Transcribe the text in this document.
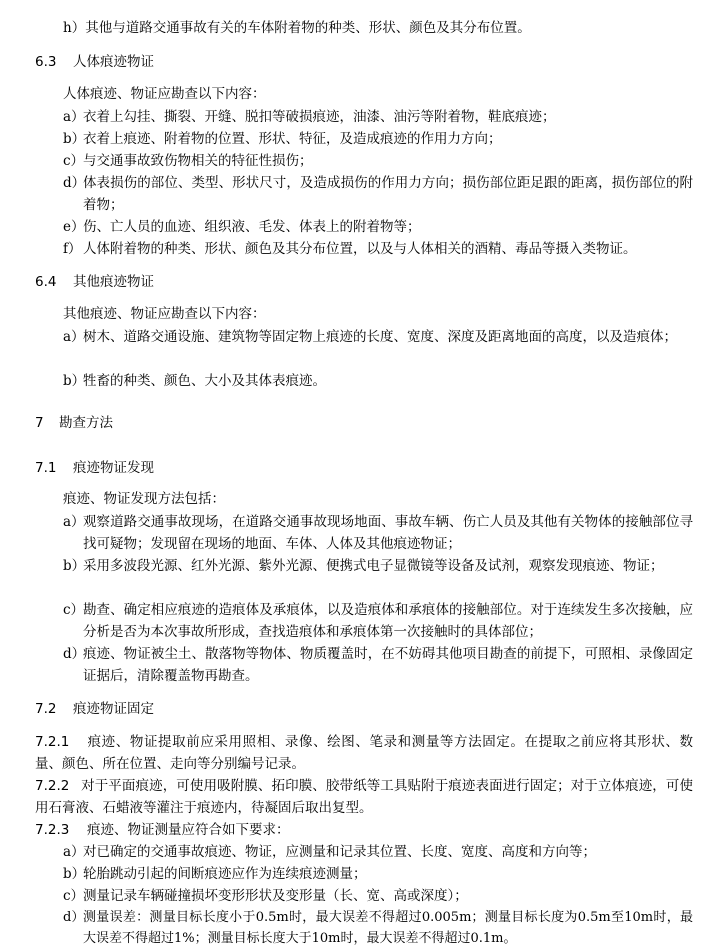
h）其他与道路交通事故有关的车体附着物的种类、形状、颜色及其分布位置。
6.3 人体痕迹物证
人体痕迹、物证应勘查以下内容：
a）
衣着上勾挂、撕裂、开缝、脱扣等破损痕迹，油漆、油污等附着物，鞋底痕迹；
b）
衣着上痕迹、附着物的位置、形状、特征，及造成痕迹的作用力方向；
c）
与交通事故致伤物相关的特征性损伤；
d）
体表损伤的部位、类型、形状尺寸，及造成损伤的作用力方向；损伤部位距足跟的距离，损伤部位的附着物；
e）
伤、亡人员的血迹、组织液、毛发、体表上的附着物等；
f） 人体附着物的种类、形状、颜色及其分布位置，以及与人体相关的酒精、毒品等摄入类物证。
6.4 其他痕迹物证
其他痕迹、物证应勘查以下内容：
a）
树木、道路交通设施、建筑物等固定物上痕迹的长度、宽度、深度及距离地面的高度，以及造痕体；
b）
牲畜的种类、颜色、大小及其体表痕迹。
7 勘查方法
7.1 痕迹物证发现
痕迹、物证发现方法包括：
a）
观察道路交通事故现场，在道路交通事故现场地面、事故车辆、伤亡人员及其他有关物体的接触部位寻找可疑物；发现留在现场的地面、车体、人体及其他痕迹物证；
b）
采用多波段光源、红外光源、紫外光源、便携式电子显微镜等设备及试剂，观察发现痕迹、物证；
c）
勘查、确定相应痕迹的造痕体及承痕体，以及造痕体和承痕体的接触部位。对于连续发生多次接触，应分析是否为本次事故所形成，查找造痕体和承痕体第一次接触时的具体部位；
d）
痕迹、物证被尘土、散落物等物体、物质覆盖时，在不妨碍其他项目勘查的前提下，可照相、录像固定证据后，清除覆盖物再勘查。
7.2 痕迹物证固定
7.2.1 痕迹、物证提取前应采用照相、录像、绘图、笔录和测量等方法固定。在提取之前应将其形状、数量、颜色、所在位置、走向等分别编号记录。
7.2.2 对于平面痕迹，可使用吸附膜、拓印膜、胶带纸等工具贴附于痕迹表面进行固定；对于立体痕迹，可使用石膏液、石蜡液等灌注于痕迹内，待凝固后取出复型。
7.2.3 痕迹、物证测量应符合如下要求：
a）
对已确定的交通事故痕迹、物证，应测量和记录其位置、长度、宽度、高度和方向等；
b）
轮胎跳动引起的间断痕迹应作为连续痕迹测量；
c）
测量记录车辆碰撞损坏变形形状及变形量（长、宽、高或深度）；
d）
测量误差：测量目标长度小于0.5m时，最大误差不得超过0.005m；测量目标长度为0.5m至10m时，最大误差不得超过1%；测量目标长度大于10m时，最大误差不得超过0.1m。
